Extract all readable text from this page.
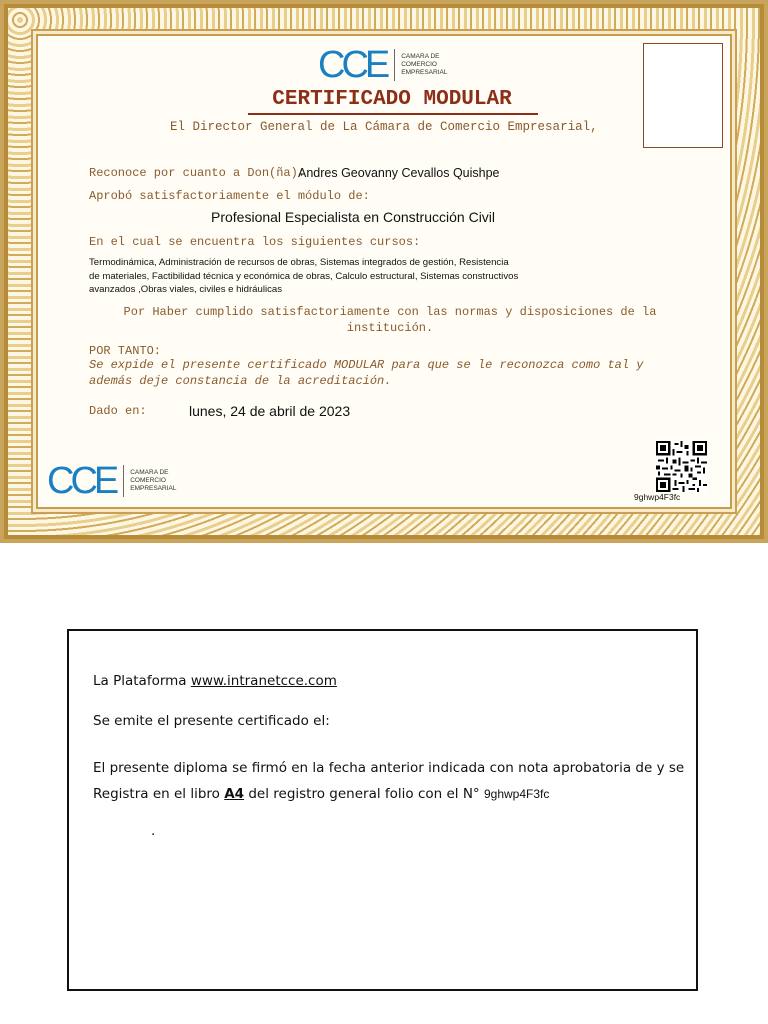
CCE CAMARA DE
COMERCIO
EMPRESARIAL
CERTIFICADO MODULAR
El Director General de La Cámara de Comercio Empresarial,
Reconoce por cuanto a Don(ña):
Andres Geovanny Cevallos Quishpe
Aprobó satisfactoriamente el módulo de:
Profesional Especialista en Construcción Civil
En el cual se encuentra los siguientes cursos:
Termodinámica, Administración de recursos de obras, Sistemas integrados de gestión, Resistencia
de materiales, Factibilidad técnica y económica de obras, Calculo estructural, Sistemas constructivos
avanzados ,Obras viales, civiles e hidráulicas
Por Haber cumplido satisfactoriamente con las normas y disposiciones de la
institución.
POR TANTO:
Se expide el presente certificado MODULAR para que se le reconozca como tal y
además deje constancia de la acreditación.
Dado en:	lunes, 24 de abril de 2023
CCE CAMARA DE
COMERCIO
EMPRESARIAL
9ghwp4F3fc
La Plataforma www.intranetcce.com
Se emite el presente certificado el:
El presente diploma se firmó en la fecha anterior indicada con nota aprobatoria de y se
Registra en el libro A4 del registro general folio con el N° 9ghwp4F3fc
.
